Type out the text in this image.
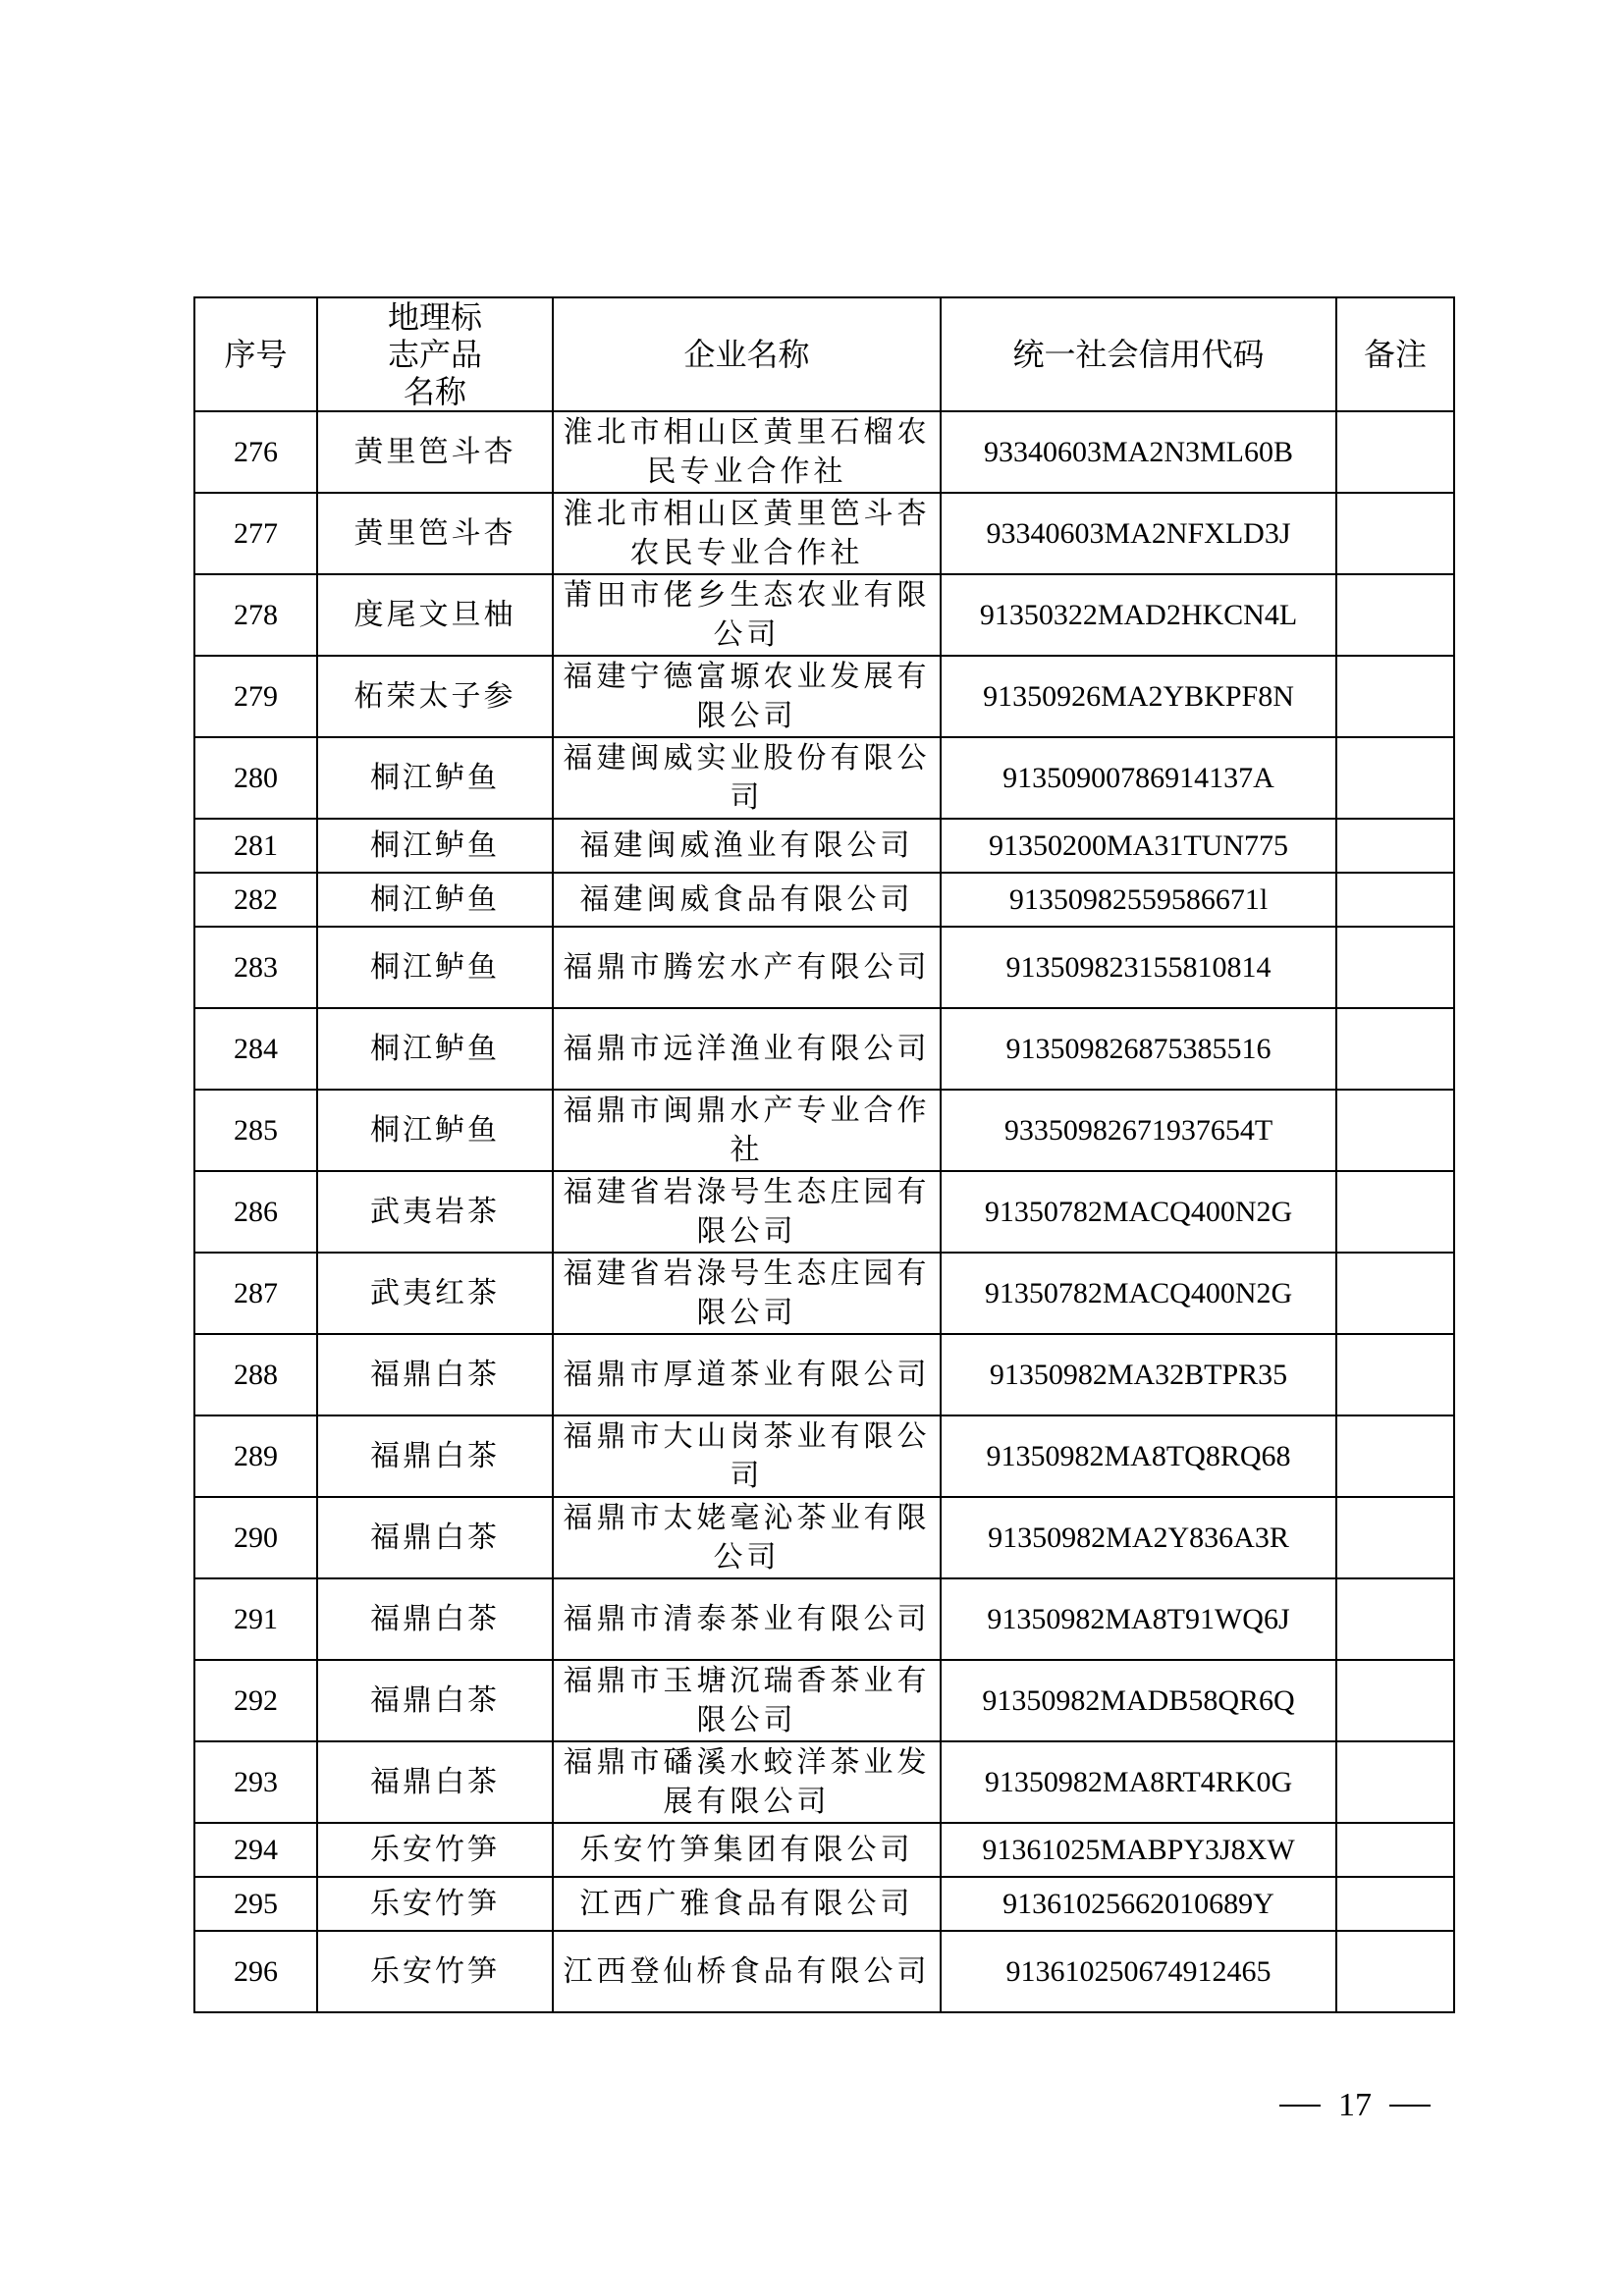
序号	地理标志产品名称	企业名称	统一社会信用代码	备注
276	黄里笆斗杏	淮北市相山区黄里石榴农民专业合作社	93340603MA2N3ML60B	
277	黄里笆斗杏	淮北市相山区黄里笆斗杏农民专业合作社	93340603MA2NFXLD3J	
278	度尾文旦柚	莆田市佬乡生态农业有限公司	91350322MAD2HKCN4L	
279	柘荣太子参	福建宁德富塬农业发展有限公司	91350926MA2YBKPF8N	
280	桐江鲈鱼	福建闽威实业股份有限公司	91350900786914137A	
281	桐江鲈鱼	福建闽威渔业有限公司	91350200MA31TUN775	
282	桐江鲈鱼	福建闽威食品有限公司	91350982559586671l	
283	桐江鲈鱼	福鼎市腾宏水产有限公司	913509823155810814	
284	桐江鲈鱼	福鼎市远洋渔业有限公司	913509826875385516	
285	桐江鲈鱼	福鼎市闽鼎水产专业合作社	93350982671937654T	
286	武夷岩茶	福建省岩淥号生态庄园有限公司	91350782MACQ400N2G	
287	武夷红茶	福建省岩淥号生态庄园有限公司	91350782MACQ400N2G	
288	福鼎白茶	福鼎市厚道茶业有限公司	91350982MA32BTPR35	
289	福鼎白茶	福鼎市大山岗茶业有限公司	91350982MA8TQ8RQ68	
290	福鼎白茶	福鼎市太姥毫沁茶业有限公司	91350982MA2Y836A3R	
291	福鼎白茶	福鼎市清泰茶业有限公司	91350982MA8T91WQ6J	
292	福鼎白茶	福鼎市玉塘沉瑞香茶业有限公司	91350982MADB58QR6Q	
293	福鼎白茶	福鼎市磻溪水蛟洋茶业发展有限公司	91350982MA8RT4RK0G	
294	乐安竹笋	乐安竹笋集团有限公司	91361025MABPY3J8XW	
295	乐安竹笋	江西广雅食品有限公司	91361025662010689Y	
296	乐安竹笋	江西登仙桥食品有限公司	913610250674912465	
17
